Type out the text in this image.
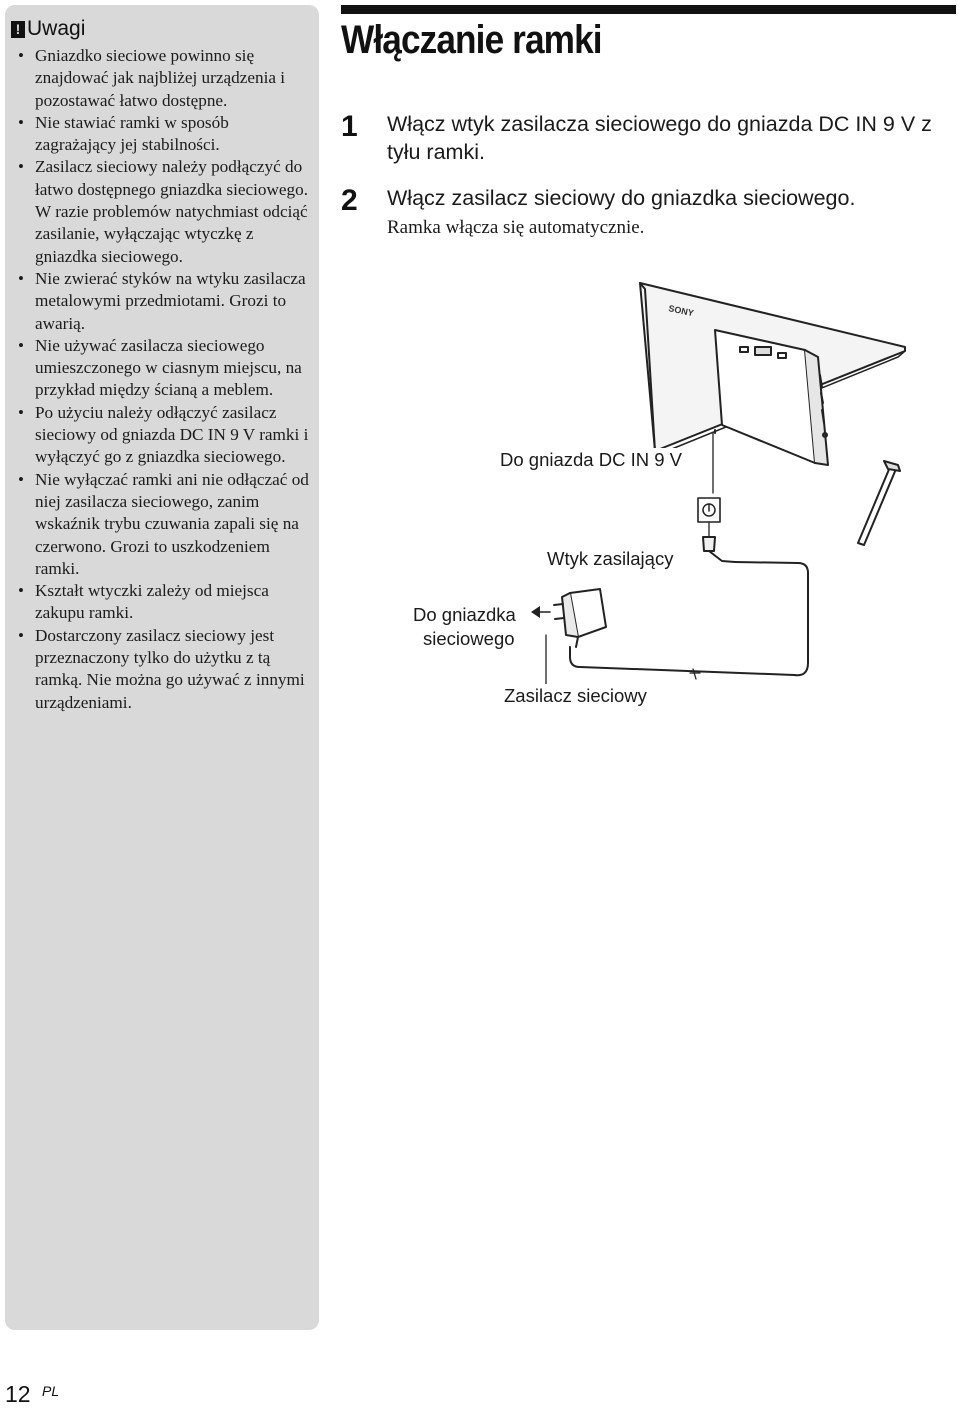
! Uwagi
• Gniazdko sieciowe powinno się znajdować jak najbliżej urządzenia i pozostawać łatwo dostępne.
• Nie stawiać ramki w sposób zagrażający jej stabilności.
• Zasilacz sieciowy należy podłączyć do łatwo dostępnego gniazdka sieciowego. W razie problemów natychmiast odciąć zasilanie, wyłączając wtyczkę z gniazdka sieciowego.
• Nie zwierać styków na wtyku zasilacza metalowymi przedmiotami. Grozi to awarią.
• Nie używać zasilacza sieciowego umieszczonego w ciasnym miejscu, na przykład między ścianą a meblem.
• Po użyciu należy odłączyć zasilacz sieciowy od gniazda DC IN 9 V ramki i wyłączyć go z gniazdka sieciowego.
• Nie wyłączać ramki ani nie odłączać od niej zasilacza sieciowego, zanim wskaźnik trybu czuwania zapali się na czerwono. Grozi to uszkodzeniem ramki.
• Kształt wtyczki zależy od miejsca zakupu ramki.
• Dostarczony zasilacz sieciowy jest przeznaczony tylko do użytku z tą ramką. Nie można go używać z innymi urządzeniami.
Włączanie ramki
1 Włącz wtyk zasilacza sieciowego do gniazda DC IN 9 V z tyłu ramki.
2 Włącz zasilacz sieciowy do gniazdka sieciowego.
Ramka włącza się automatycznie.
SONY
Do gniazda DC IN 9 V
Wtyk zasilający
Do gniazdka
sieciowego
Zasilacz sieciowy
12 PL
